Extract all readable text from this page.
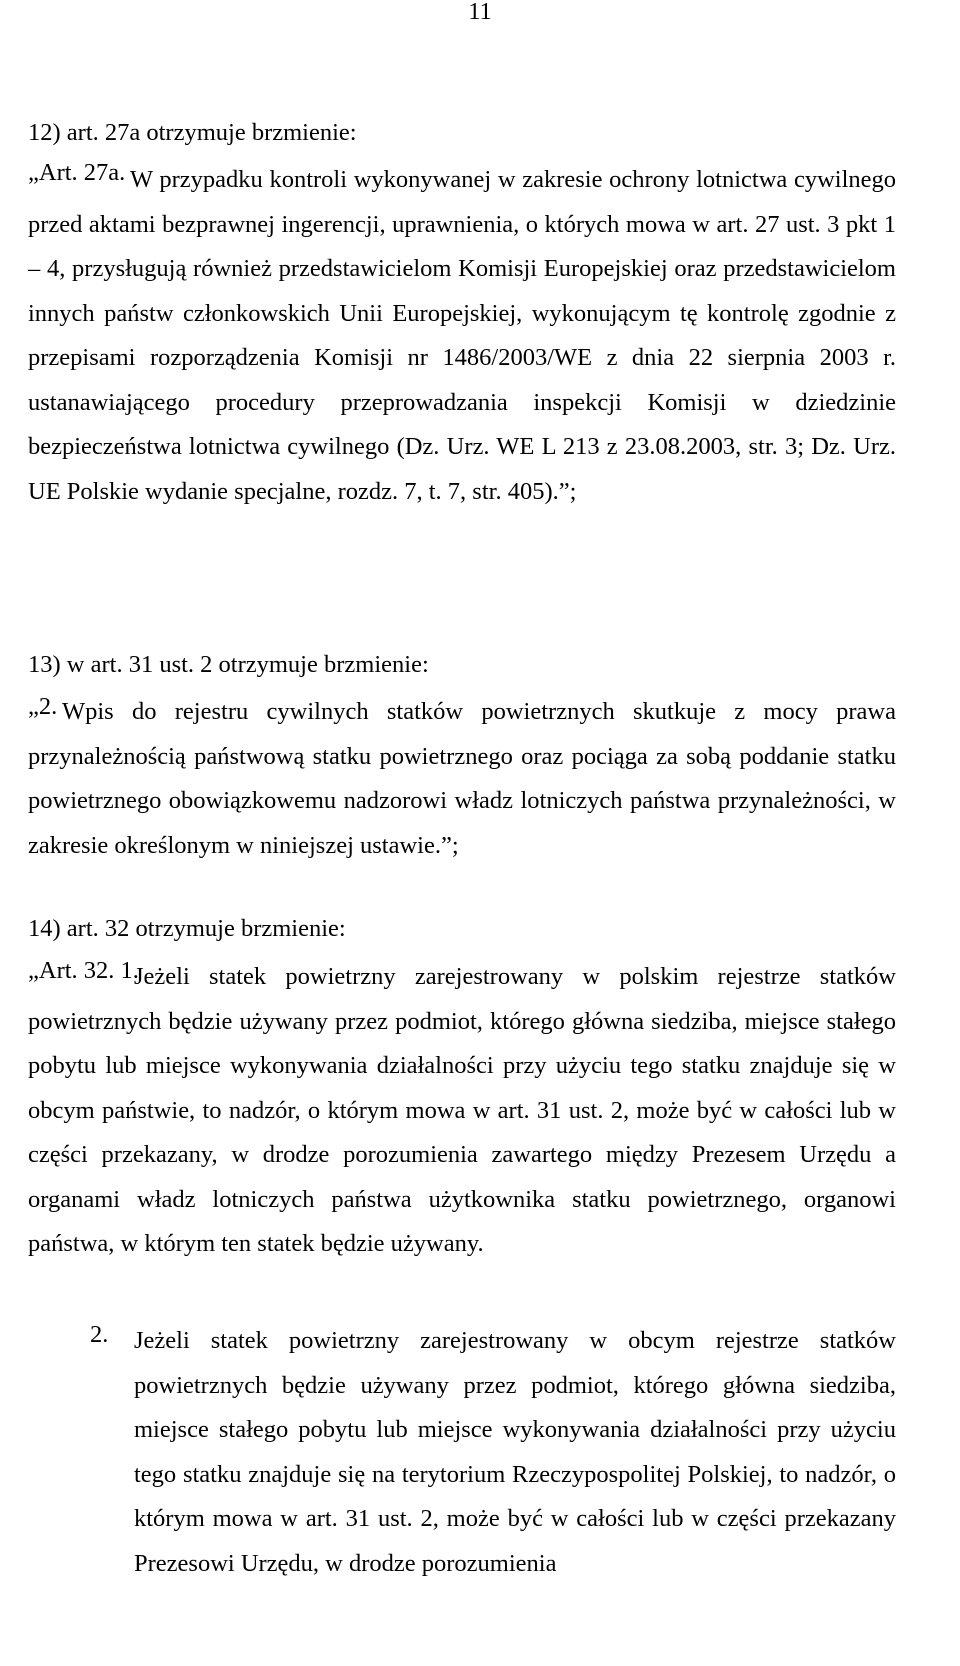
11
12) art. 27a otrzymuje brzmienie:
„Art. 27a. W przypadku kontroli wykonywanej w zakresie ochrony lotnictwa cywilnego przed aktami bezprawnej ingerencji, uprawnienia, o których mowa w art. 27 ust. 3 pkt 1 – 4, przysługują również przedstawicielom Komisji Europejskiej oraz przedstawicielom innych państw członkowskich Unii Europejskiej, wykonującym tę kontrolę zgodnie z przepisami rozporządzenia Komisji nr 1486/2003/WE z dnia 22 sierpnia 2003 r. ustanawiającego procedury przeprowadzania inspekcji Komisji w dziedzinie bezpieczeństwa lotnictwa cywilnego (Dz. Urz. WE L 213 z 23.08.2003, str. 3; Dz. Urz. UE Polskie wydanie specjalne, rozdz. 7, t. 7, str. 405).”;
13) w art. 31 ust. 2 otrzymuje brzmienie:
„2. Wpis do rejestru cywilnych statków powietrznych skutkuje z mocy prawa przynależnością państwową statku powietrznego oraz pociąga za sobą poddanie statku powietrznego obowiązkowemu nadzorowi władz lotniczych państwa przynależności, w zakresie określonym w niniejszej ustawie.”;
14) art. 32 otrzymuje brzmienie:
„Art. 32. 1.
Jeżeli statek powietrzny zarejestrowany w polskim rejestrze statków powietrznych będzie używany przez podmiot, którego główna siedziba, miejsce stałego pobytu lub miejsce wykonywania działalności przy użyciu tego statku znajduje się w obcym państwie, to nadzór, o którym mowa w art. 31 ust. 2, może być w całości lub w części przekazany, w drodze porozumienia zawartego między Prezesem Urzędu a organami władz lotniczych państwa użytkownika statku powietrznego, organowi państwa, w którym ten statek będzie używany.
2. Jeżeli statek powietrzny zarejestrowany w obcym rejestrze statków powietrznych będzie używany przez podmiot, którego główna siedziba, miejsce stałego pobytu lub miejsce wykonywania działalności przy użyciu tego statku znajduje się na terytorium Rzeczypospolitej Polskiej, to nadzór, o którym mowa w art. 31 ust. 2, może być w całości lub w części przekazany Prezesowi Urzędu, w drodze porozumienia
